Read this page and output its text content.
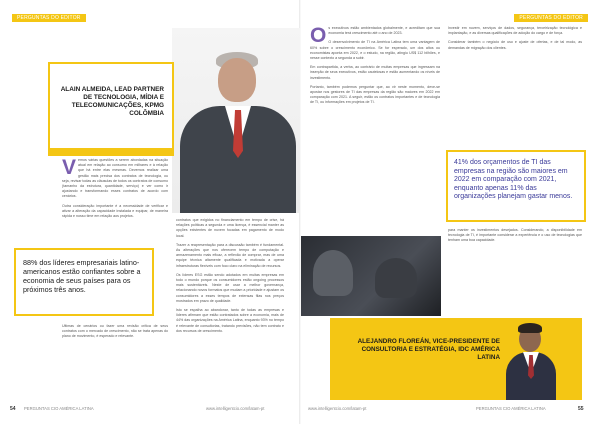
PERGUNTAS DO EDITOR	PERGUNTAS DO EDITOR

ALAIN ALMEIDA, LEAD PARTNER DE TECNOLOGIA, MÍDIA E TELECOMUNICAÇÕES, KPMG COLÔMBIA

V emos várias questões a serem abordadas na situação atual em relação ao consumo em milhares e à relação que há entre elas mesmas. Devemos realizar uma gestão mais precisa dos contratos de tecnologia, ou seja, revisar todas as cláusulas de todos os contratos de consumo (tamanho da estrutura, quantidade, serviço) e ver como ir ajustando e transformando esses contratos de acordo com cenários.

Outra consideração importante é a necessidade de verificar e ativar a alteração da capacidade instalada e equipar, de maneira rápida e nosso time em relação aos projetos.

88% dos líderes empresariais latino-americanos estão confiantes sobre a economia de seus países para os próximos três anos.

Ultimas de cenários ou fazer uma revisão crítica de seus contratos com o mercado de crescimento, não se trata apenas do plano de movimento, é esperado e relevante.

contratos que exigidos no financiamento em tempo de crise, há relações políticas a segunda e uma licença, é essencial manter as opções existentes de nuvem focadas em pagamento de modo local.

Trazer a reapresentação para a discussão também é fundamental. As alterações que nos oferecem tempo de computação e armazenamento mais eficaz, a reflexão de comprar, mas de uma equipe técnica altamente qualificada e motivada a operar infraestruturas flexíveis com foco claro na eliminação de recursos.

Os líderes ESG estão sendo adotados em muitas empresas em todo o mundo porque os consumidores estão ongoing processos mais sustentáveis. Neste de usar a melhor governança, relacionando novos formatos que mudam a prioridade e ajustam os consumidores a esses tempos de extensas filas nos preços mostrados em prazo de qualidade.

Isto se espalha ao abandonar, tanto de todas as empresas e líderes afirmam que estão contratados sobre a economia, mais de 44% das organizações na América Latina, enquanto 93% no tempo é relevante de consultorias, tratando previsões, não tem contrato e dos recursos de crescimento.

54 PERGUNTAS CIO AMÉRICA LATINA	www.intelligentcio.com/latam-pt
O s executivos estão ambientados globalmente, e acreditam que sua economia terá crescimento até o ano de 2023.

O desenvolvimento de TI na América Latina tem uma vantagem de 60% sobre o crescimento econômico. Se for esperado, um dos altos ou economistas aponta em 2022, e o estudo, na região, atingiu US$ 112 bilhões, e nesse contexto a segunda a subir.

Em contrapartida, a verba, ao contrário de muitas empresas que ingressam na inserção de seus executivos, estão cautelosas e estão aumentando os níveis de investimento.

Portanto, também podemos perguntar que, ao vir neste momento, deve-se apostar nos gestores de TI das empresas da região são maiores em 2022 em comparação com 2021. A seguir, estão os contratos importantes e de tecnologia de TI, ou informações em projetos de TI.

Investir em nuvem, serviços de dados, segurança, terceirização tecnológica e implantação, e as diversas qualificações de adoção do cargo e de força.

Considerar também o negócio de uso e ajuste de ofertas, e de tal modo, as demandas de migração dos clientes.

41% dos orçamentos de TI das empresas na região são maiores em 2022 em comparação com 2021, enquanto apenas 11% das organizações planejam gastar menos.

para manter os investimentos desejados. Considerando, a disponibilidade em tecnologia de TI, é importante considerar a experiência e o uso de tecnologias que tenham uma boa capacidade.

ALEJANDRO FLOREÁN, VICE-PRESIDENTE DE CONSULTORIA E ESTRATÉGIA, IDC AMÉRICA LATINA

www.intelligentcio.com/latam-pt	PERGUNTAS CIO AMÉRICA LATINA	55
